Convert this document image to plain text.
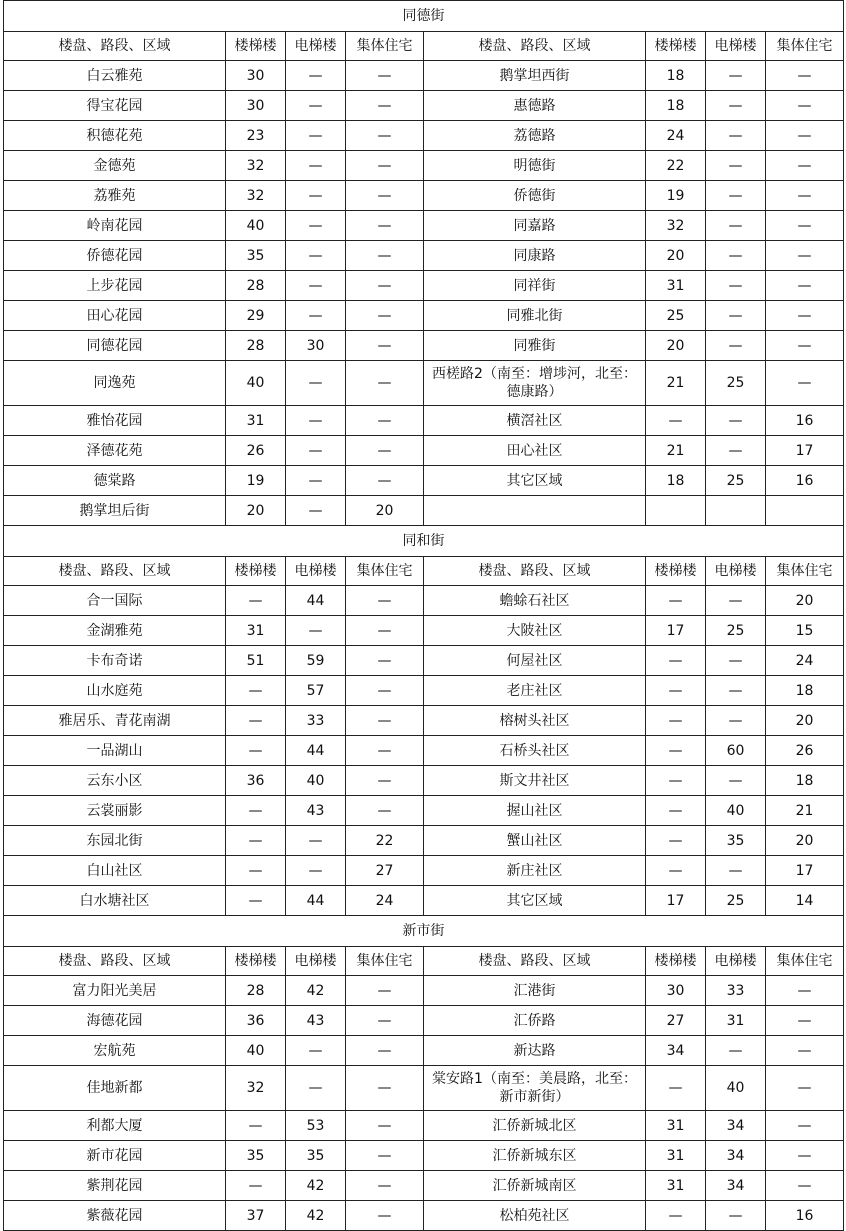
同德街							
楼盘、路段、区域	楼梯楼	电梯楼	集体住宅	楼盘、路段、区域	楼梯楼	电梯楼	集体住宅
白云雅苑	30	—	—	鹅掌坦西街	18	—	—
得宝花园	30	—	—	惠德路	18	—	—
积德花苑	23	—	—	荔德路	24	—	—
金德苑	32	—	—	明德街	22	—	—
荔雅苑	32	—	—	侨德街	19	—	—
岭南花园	40	—	—	同嘉路	32	—	—
侨德花园	35	—	—	同康路	20	—	—
上步花园	28	—	—	同祥街	31	—	—
田心花园	29	—	—	同雅北街	25	—	—
同德花园	28	30	—	同雅街	20	—	—
同逸苑	40	—	—	西槎路2（南至：增埗河，北至：德康路）	21	25	—
雅怡花园	31	—	—	横滘社区	—	—	16
泽德花苑	26	—	—	田心社区	21	—	17
德棠路	19	—	—	其它区域	18	25	16
鹅掌坦后街	20	—	20				
同和街							
楼盘、路段、区域	楼梯楼	电梯楼	集体住宅	楼盘、路段、区域	楼梯楼	电梯楼	集体住宅
合一国际	—	44	—	蟾蜍石社区	—	—	20
金湖雅苑	31	—	—	大陂社区	17	25	15
卡布奇诺	51	59	—	何屋社区	—	—	24
山水庭苑	—	57	—	老庄社区	—	—	18
雅居乐、青花南湖	—	33	—	榕树头社区	—	—	20
一品湖山	—	44	—	石桥头社区	—	60	26
云东小区	36	40	—	斯文井社区	—	—	18
云裳丽影	—	43	—	握山社区	—	40	21
东园北街	—	—	22	蟹山社区	—	35	20
白山社区	—	—	27	新庄社区	—	—	17
白水塘社区	—	44	24	其它区域	17	25	14
新市街							
楼盘、路段、区域	楼梯楼	电梯楼	集体住宅	楼盘、路段、区域	楼梯楼	电梯楼	集体住宅
富力阳光美居	28	42	—	汇港街	30	33	—
海德花园	36	43	—	汇侨路	27	31	—
宏航苑	40	—	—	新达路	34	—	—
佳地新都	32	—	—	棠安路1（南至：美晨路，北至：新市新街）	—	40	—
利都大厦	—	53	—	汇侨新城北区	31	34	—
新市花园	35	35	—	汇侨新城东区	31	34	—
紫荆花园	—	42	—	汇侨新城南区	31	34	—
紫薇花园	37	42	—	松柏苑社区	—	—	16
